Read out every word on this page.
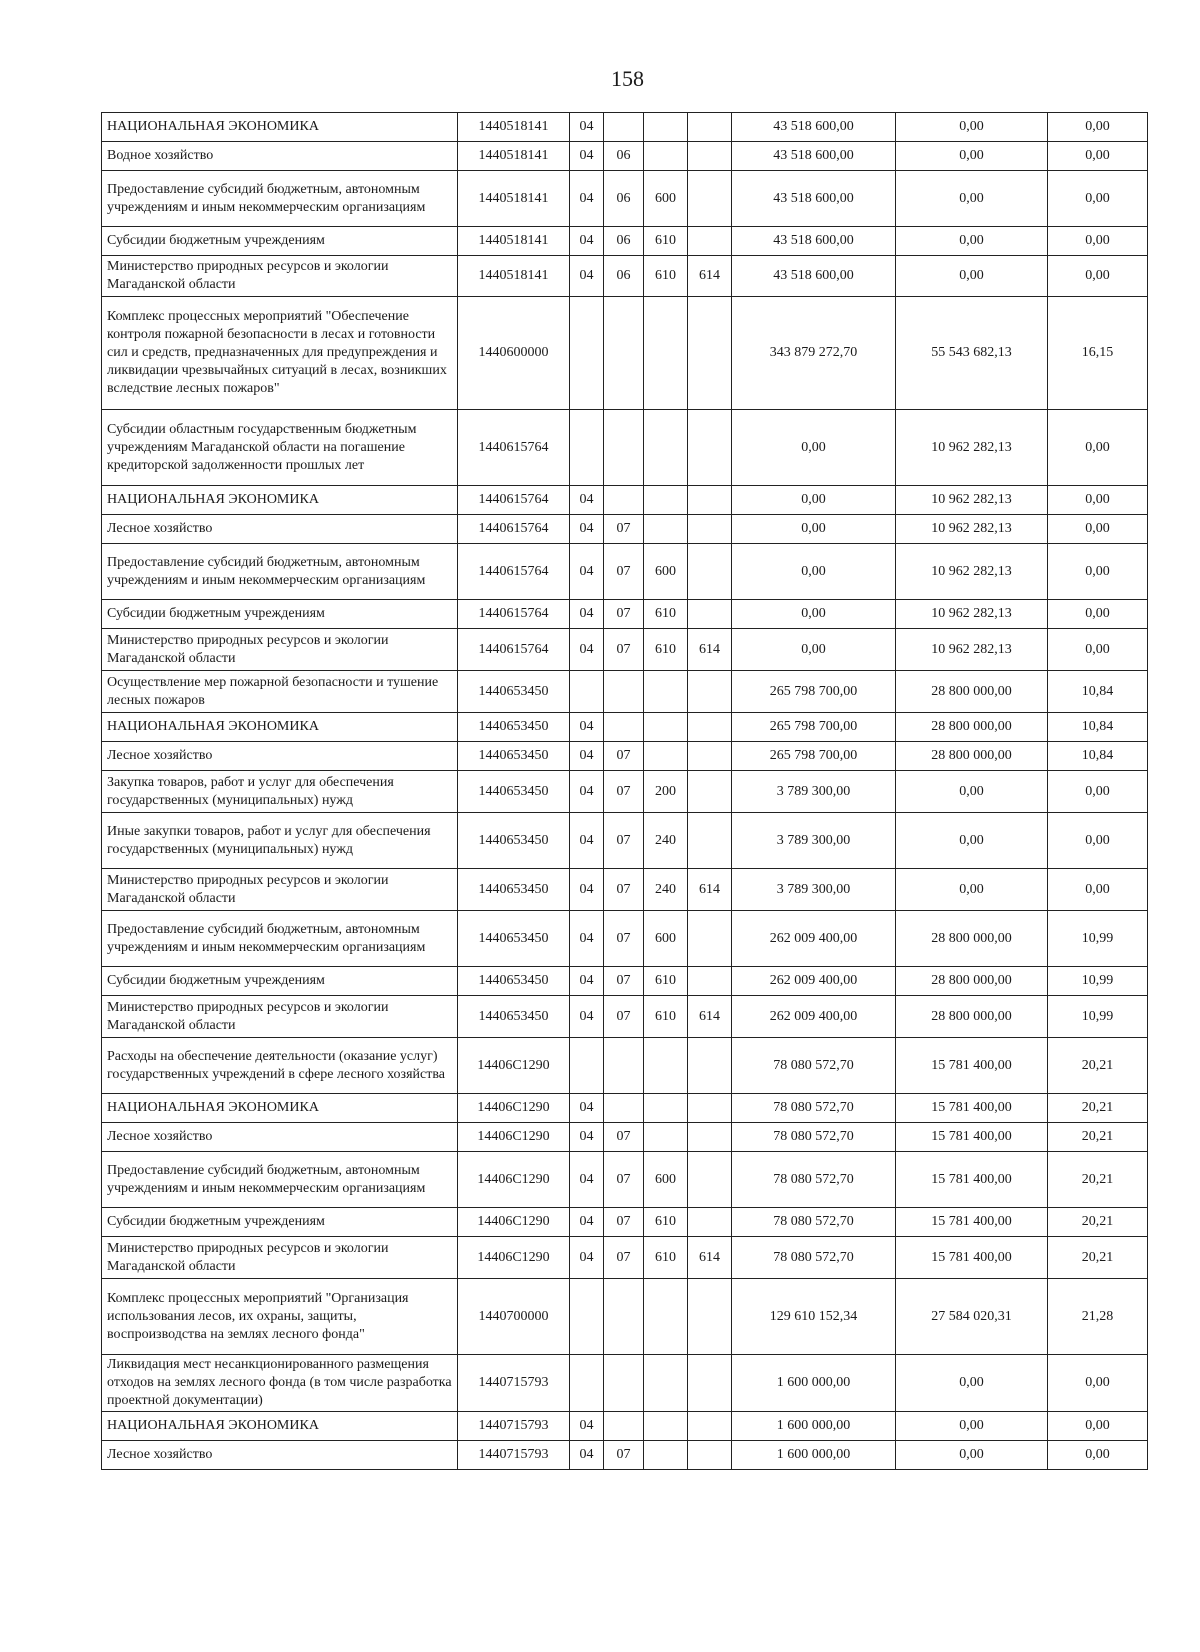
158
НАЦИОНАЛЬНАЯ ЭКОНОМИКА	1440518141	04				43 518 600,00	0,00	0,00
Водное хозяйство	1440518141	04	06			43 518 600,00	0,00	0,00
Предоставление субсидий бюджетным, автономным учреждениям и иным некоммерческим организациям	1440518141	04	06	600		43 518 600,00	0,00	0,00
Субсидии бюджетным учреждениям	1440518141	04	06	610		43 518 600,00	0,00	0,00
Министерство природных ресурсов и экологии Магаданской области	1440518141	04	06	610	614	43 518 600,00	0,00	0,00
Комплекс процессных мероприятий "Обеспечение контроля пожарной безопасности в лесах и готовности сил и средств, предназначенных для предупреждения и ликвидации чрезвычайных ситуаций в лесах, возникших вследствие лесных пожаров"	1440600000					343 879 272,70	55 543 682,13	16,15
Субсидии областным государственным бюджетным учреждениям Магаданской области на погашение кредиторской задолженности прошлых лет	1440615764					0,00	10 962 282,13	0,00
НАЦИОНАЛЬНАЯ ЭКОНОМИКА	1440615764	04				0,00	10 962 282,13	0,00
Лесное хозяйство	1440615764	04	07			0,00	10 962 282,13	0,00
Предоставление субсидий бюджетным, автономным учреждениям и иным некоммерческим организациям	1440615764	04	07	600		0,00	10 962 282,13	0,00
Субсидии бюджетным учреждениям	1440615764	04	07	610		0,00	10 962 282,13	0,00
Министерство природных ресурсов и экологии Магаданской области	1440615764	04	07	610	614	0,00	10 962 282,13	0,00
Осуществление мер пожарной безопасности и тушение лесных пожаров	1440653450					265 798 700,00	28 800 000,00	10,84
НАЦИОНАЛЬНАЯ ЭКОНОМИКА	1440653450	04				265 798 700,00	28 800 000,00	10,84
Лесное хозяйство	1440653450	04	07			265 798 700,00	28 800 000,00	10,84
Закупка товаров, работ и услуг для обеспечения государственных (муниципальных) нужд	1440653450	04	07	200		3 789 300,00	0,00	0,00
Иные закупки товаров, работ и услуг для обеспечения государственных (муниципальных) нужд	1440653450	04	07	240		3 789 300,00	0,00	0,00
Министерство природных ресурсов и экологии Магаданской области	1440653450	04	07	240	614	3 789 300,00	0,00	0,00
Предоставление субсидий бюджетным, автономным учреждениям и иным некоммерческим организациям	1440653450	04	07	600		262 009 400,00	28 800 000,00	10,99
Субсидии бюджетным учреждениям	1440653450	04	07	610		262 009 400,00	28 800 000,00	10,99
Министерство природных ресурсов и экологии Магаданской области	1440653450	04	07	610	614	262 009 400,00	28 800 000,00	10,99
Расходы на обеспечение деятельности (оказание услуг) государственных учреждений в сфере лесного хозяйства	14406С1290					78 080 572,70	15 781 400,00	20,21
НАЦИОНАЛЬНАЯ ЭКОНОМИКА	14406С1290	04				78 080 572,70	15 781 400,00	20,21
Лесное хозяйство	14406С1290	04	07			78 080 572,70	15 781 400,00	20,21
Предоставление субсидий бюджетным, автономным учреждениям и иным некоммерческим организациям	14406С1290	04	07	600		78 080 572,70	15 781 400,00	20,21
Субсидии бюджетным учреждениям	14406С1290	04	07	610		78 080 572,70	15 781 400,00	20,21
Министерство природных ресурсов и экологии Магаданской области	14406С1290	04	07	610	614	78 080 572,70	15 781 400,00	20,21
Комплекс процессных мероприятий "Организация использования лесов, их охраны, защиты, воспроизводства на землях лесного фонда"	1440700000					129 610 152,34	27 584 020,31	21,28
Ликвидация мест несанкционированного размещения отходов на землях лесного фонда (в том числе разработка проектной документации)	1440715793					1 600 000,00	0,00	0,00
НАЦИОНАЛЬНАЯ ЭКОНОМИКА	1440715793	04				1 600 000,00	0,00	0,00
Лесное хозяйство	1440715793	04	07			1 600 000,00	0,00	0,00
